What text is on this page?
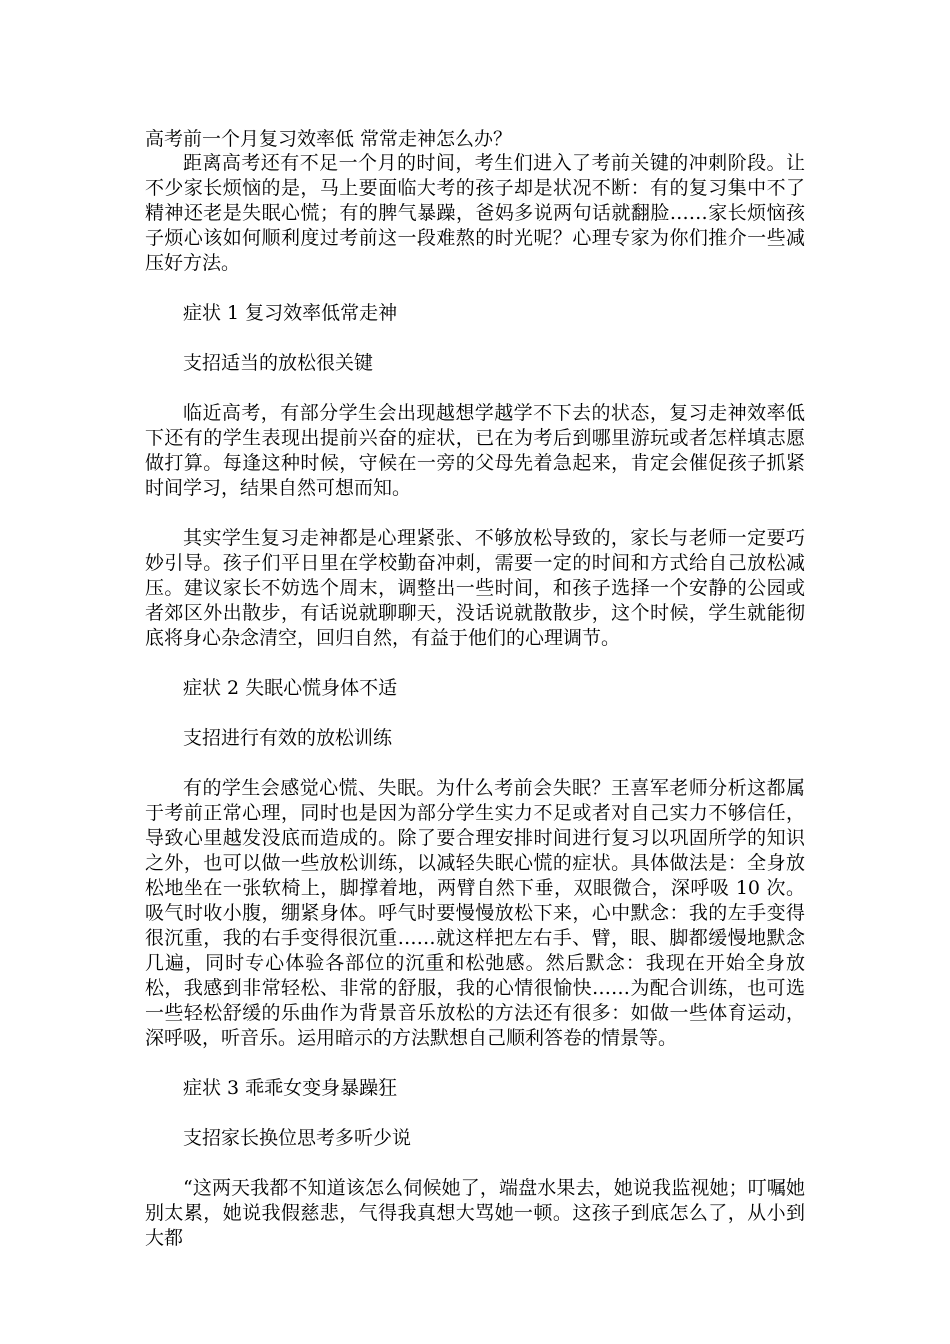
高考前一个月复习效率低 常常走神怎么办？

距离高考还有不足一个月的时间，考生们进入了考前关键的冲刺阶段。让不少家长烦恼的是，马上要面临大考的孩子却是状况不断：有的复习集中不了精神还老是失眠心慌；有的脾气暴躁，爸妈多说两句话就翻脸……家长烦恼孩子烦心该如何顺利度过考前这一段难熬的时光呢？心理专家为你们推介一些减压好方法。

症状 1 复习效率低常走神

支招适当的放松很关键

临近高考，有部分学生会出现越想学越学不下去的状态，复习走神效率低下还有的学生表现出提前兴奋的症状，已在为考后到哪里游玩或者怎样填志愿做打算。每逢这种时候，守候在一旁的父母先着急起来，肯定会催促孩子抓紧时间学习，结果自然可想而知。

其实学生复习走神都是心理紧张、不够放松导致的，家长与老师一定要巧妙引导。孩子们平日里在学校勤奋冲刺，需要一定的时间和方式给自己放松减压。建议家长不妨选个周末，调整出一些时间，和孩子选择一个安静的公园或者郊区外出散步，有话说就聊聊天，没话说就散散步，这个时候，学生就能彻底将身心杂念清空，回归自然，有益于他们的心理调节。

症状 2 失眠心慌身体不适

支招进行有效的放松训练

有的学生会感觉心慌、失眠。为什么考前会失眠？王喜军老师分析这都属于考前正常心理，同时也是因为部分学生实力不足或者对自己实力不够信任，导致心里越发没底而造成的。除了要合理安排时间进行复习以巩固所学的知识之外，也可以做一些放松训练，以减轻失眠心慌的症状。具体做法是：全身放松地坐在一张软椅上，脚撑着地，两臂自然下垂，双眼微合，深呼吸 10 次。吸气时收小腹，绷紧身体。呼气时要慢慢放松下来，心中默念：我的左手变得很沉重，我的右手变得很沉重……就这样把左右手、臂，眼、脚都缓慢地默念几遍，同时专心体验各部位的沉重和松弛感。然后默念：我现在开始全身放松，我感到非常轻松、非常的舒服，我的心情很愉快……为配合训练，也可选一些轻松舒缓的乐曲作为背景音乐放松的方法还有很多：如做一些体育运动，深呼吸，听音乐。运用暗示的方法默想自己顺利答卷的情景等。

症状 3 乖乖女变身暴躁狂

支招家长换位思考多听少说

“这两天我都不知道该怎么伺候她了，端盘水果去，她说我监视她；叮嘱她别太累，她说我假慈悲，气得我真想大骂她一顿。这孩子到底怎么了，从小到大都
